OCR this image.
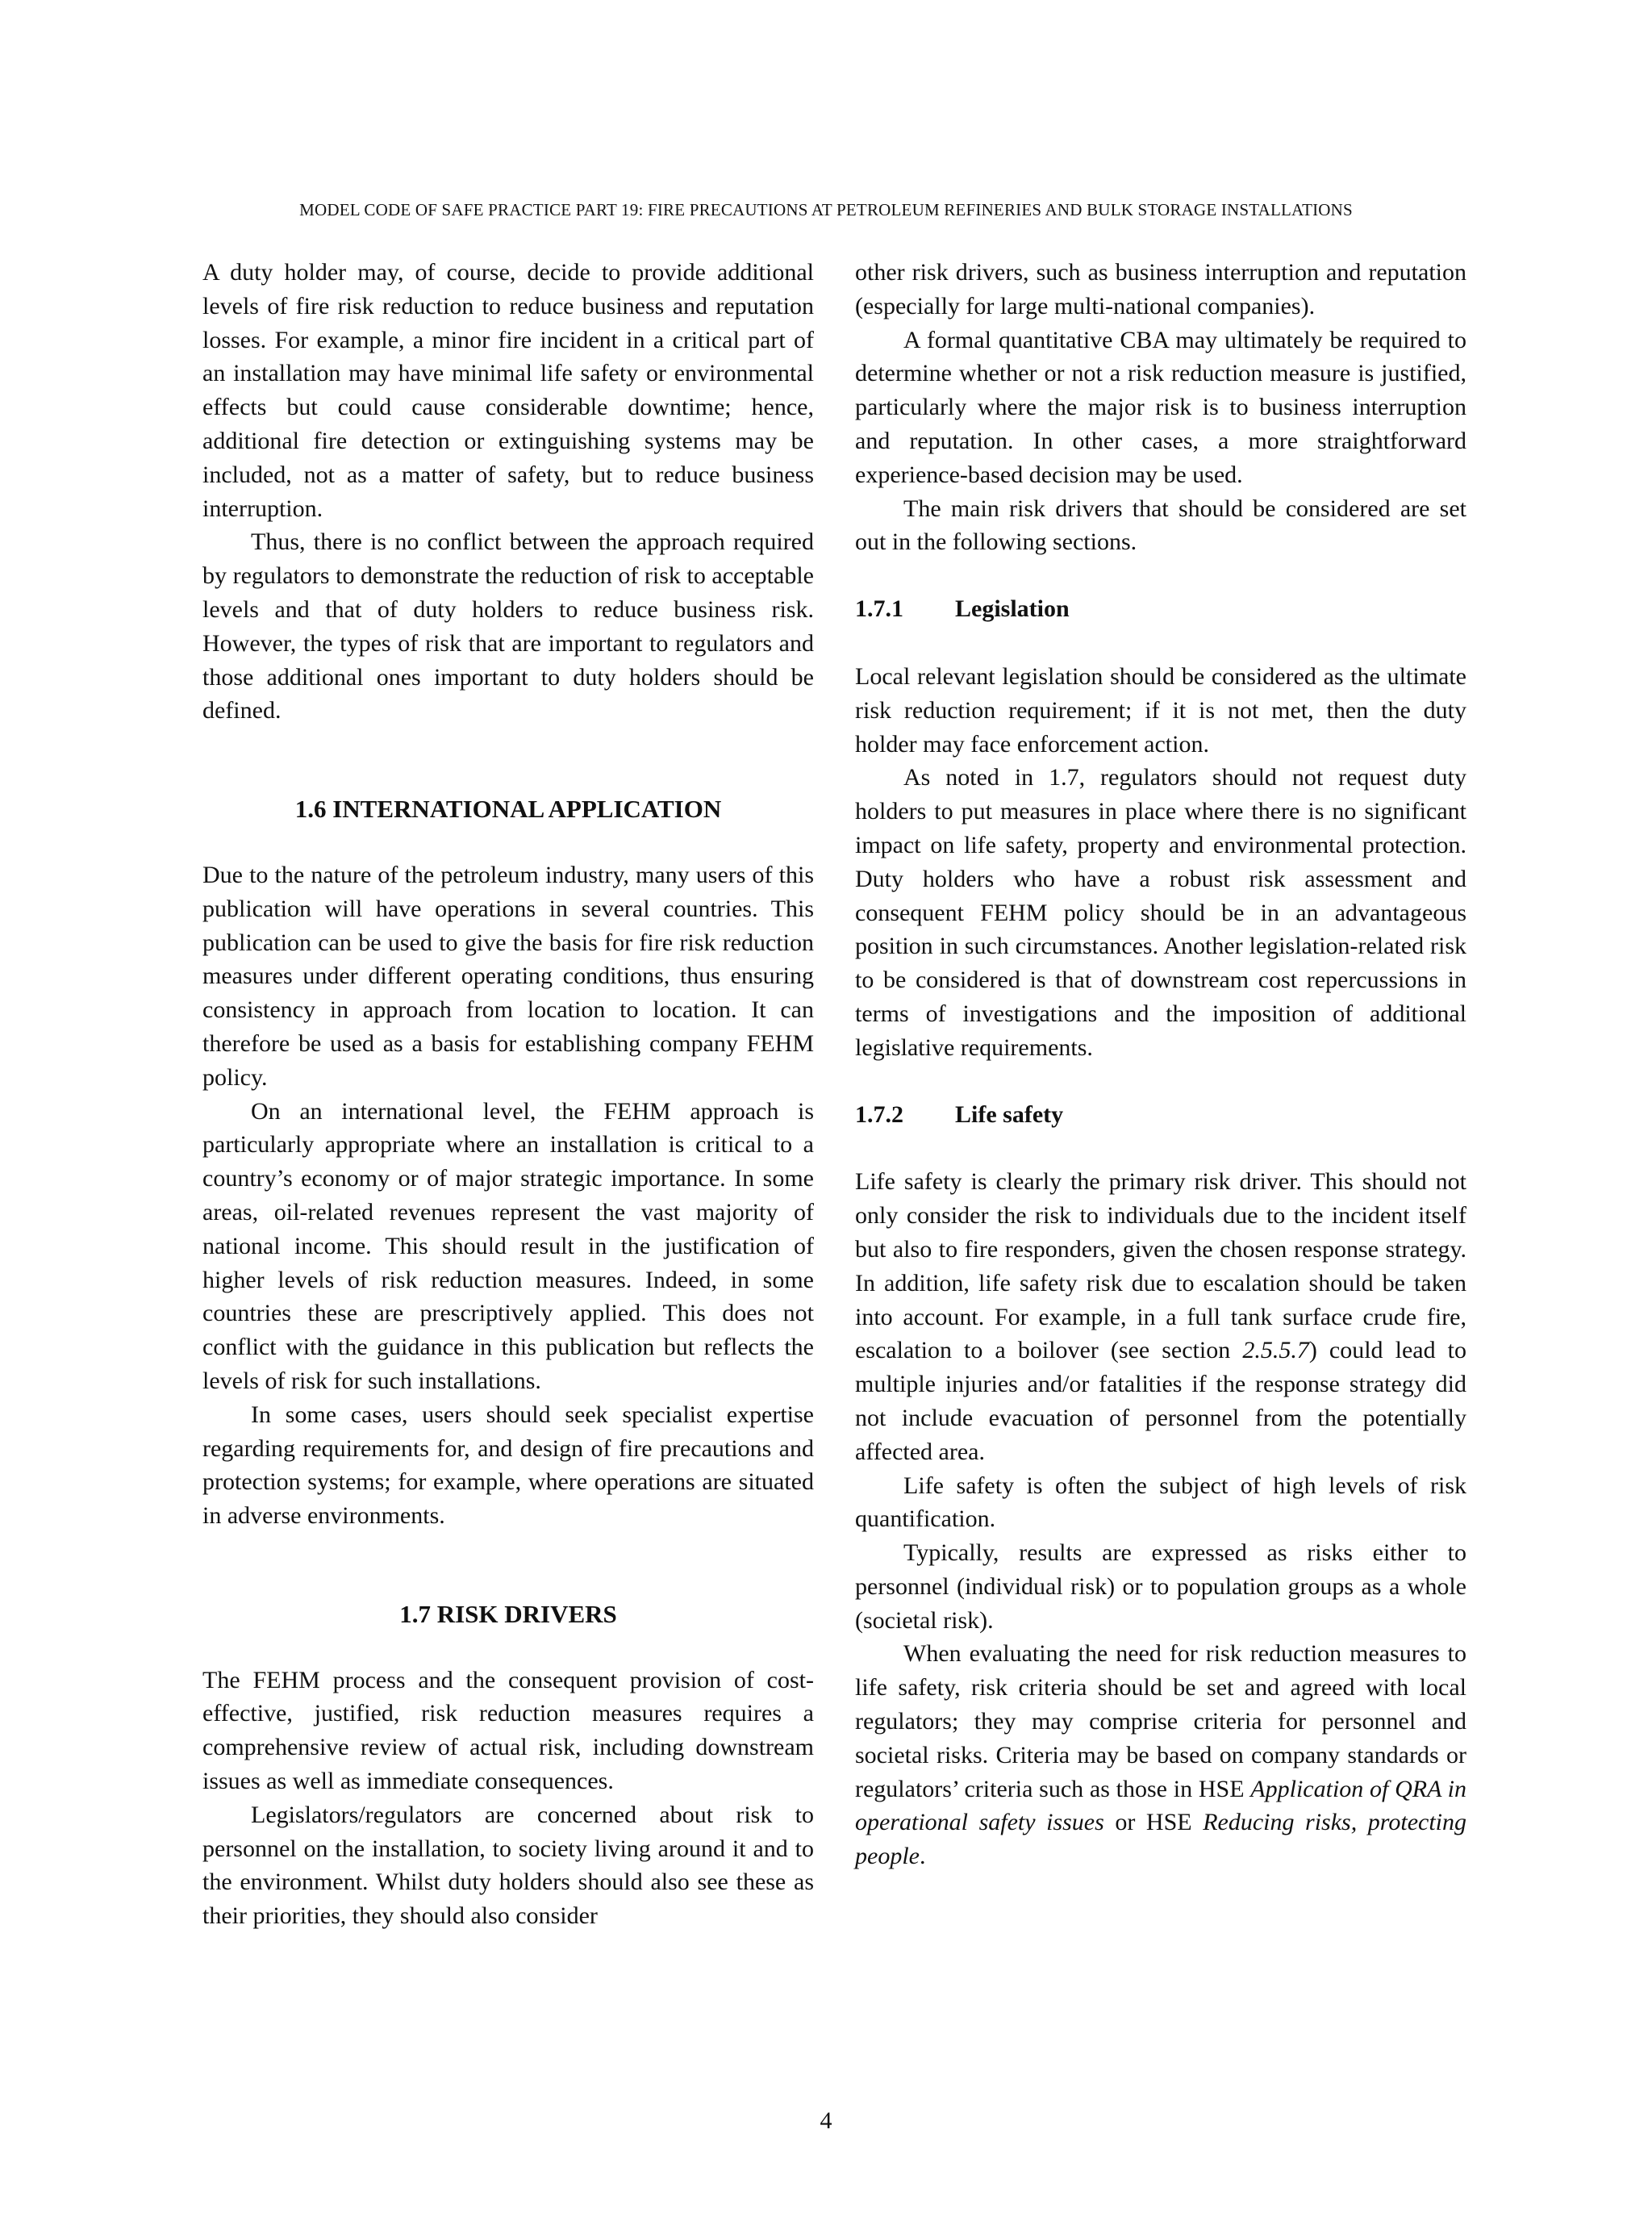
MODEL CODE OF SAFE PRACTICE PART 19: FIRE PRECAUTIONS AT PETROLEUM REFINERIES AND BULK STORAGE INSTALLATIONS

A duty holder may, of course, decide to provide additional levels of fire risk reduction to reduce business and reputation losses. For example, a minor fire incident in a critical part of an installation may have minimal life safety or environmental effects but could cause considerable downtime; hence, additional fire detection or extinguishing systems may be included, not as a matter of safety, but to reduce business interruption.

Thus, there is no conflict between the approach required by regulators to demonstrate the reduction of risk to acceptable levels and that of duty holders to reduce business risk. However, the types of risk that are important to regulators and those additional ones important to duty holders should be defined.

1.6 INTERNATIONAL APPLICATION

Due to the nature of the petroleum industry, many users of this publication will have operations in several countries. This publication can be used to give the basis for fire risk reduction measures under different operating conditions, thus ensuring consistency in approach from location to location. It can therefore be used as a basis for establishing company FEHM policy.

On an international level, the FEHM approach is particularly appropriate where an installation is critical to a country’s economy or of major strategic importance. In some areas, oil-related revenues represent the vast majority of national income. This should result in the justification of higher levels of risk reduction measures. Indeed, in some countries these are prescriptively applied. This does not conflict with the guidance in this publication but reflects the levels of risk for such installations.

In some cases, users should seek specialist expertise regarding requirements for, and design of fire precautions and protection systems; for example, where operations are situated in adverse environments.

1.7 RISK DRIVERS

The FEHM process and the consequent provision of cost-effective, justified, risk reduction measures requires a comprehensive review of actual risk, including downstream issues as well as immediate consequences.

Legislators/regulators are concerned about risk to personnel on the installation, to society living around it and to the environment. Whilst duty holders should also see these as their priorities, they should also consider

other risk drivers, such as business interruption and reputation (especially for large multi-national companies).

A formal quantitative CBA may ultimately be required to determine whether or not a risk reduction measure is justified, particularly where the major risk is to business interruption and reputation. In other cases, a more straightforward experience-based decision may be used.

The main risk drivers that should be considered are set out in the following sections.

1.7.1 Legislation

Local relevant legislation should be considered as the ultimate risk reduction requirement; if it is not met, then the duty holder may face enforcement action.

As noted in 1.7, regulators should not request duty holders to put measures in place where there is no significant impact on life safety, property and environmental protection. Duty holders who have a robust risk assessment and consequent FEHM policy should be in an advantageous position in such circumstances. Another legislation-related risk to be considered is that of downstream cost repercussions in terms of investigations and the imposition of additional legislative requirements.

1.7.2 Life safety

Life safety is clearly the primary risk driver. This should not only consider the risk to individuals due to the incident itself but also to fire responders, given the chosen response strategy. In addition, life safety risk due to escalation should be taken into account. For example, in a full tank surface crude fire, escalation to a boilover (see section 2.5.5.7) could lead to multiple injuries and/or fatalities if the response strategy did not include evacuation of personnel from the potentially affected area.

Life safety is often the subject of high levels of risk quantification.

Typically, results are expressed as risks either to personnel (individual risk) or to population groups as a whole (societal risk).

When evaluating the need for risk reduction measures to life safety, risk criteria should be set and agreed with local regulators; they may comprise criteria for personnel and societal risks. Criteria may be based on company standards or regulators’ criteria such as those in HSE Application of QRA in operational safety issues or HSE Reducing risks, protecting people.

4
